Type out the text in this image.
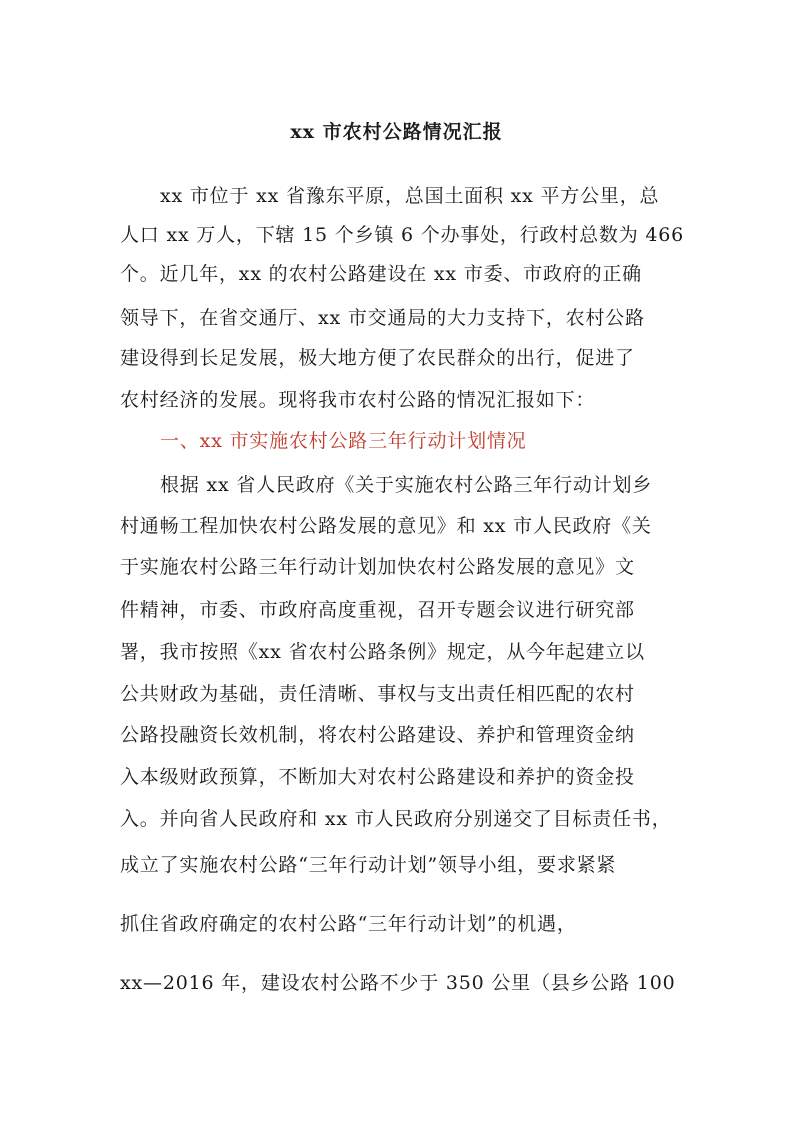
xx 市农村公路情况汇报
xx 市位于 xx 省豫东平原，总国土面积 xx 平方公里，总
人口 xx 万人，下辖 15 个乡镇 6 个办事处，行政村总数为 466
个。近几年，xx 的农村公路建设在 xx 市委、市政府的正确
领导下，在省交通厅、xx 市交通局的大力支持下，农村公路
建设得到长足发展，极大地方便了农民群众的出行，促进了
农村经济的发展。现将我市农村公路的情况汇报如下：
一、xx 市实施农村公路三年行动计划情况
根据 xx 省人民政府《关于实施农村公路三年行动计划乡
村通畅工程加快农村公路发展的意见》和 xx 市人民政府《关
于实施农村公路三年行动计划加快农村公路发展的意见》文
件精神，市委、市政府高度重视，召开专题会议进行研究部
署，我市按照《xx 省农村公路条例》规定，从今年起建立以
公共财政为基础，责任清晰、事权与支出责任相匹配的农村
公路投融资长效机制，将农村公路建设、养护和管理资金纳
入本级财政预算，不断加大对农村公路建设和养护的资金投
入。并向省人民政府和 xx 市人民政府分别递交了目标责任书，
成立了实施农村公路“三年行动计划”领导小组，要求紧紧
抓住省政府确定的农村公路“三年行动计划”的机遇，
xx—2016 年，建设农村公路不少于 350 公里（县乡公路 100
